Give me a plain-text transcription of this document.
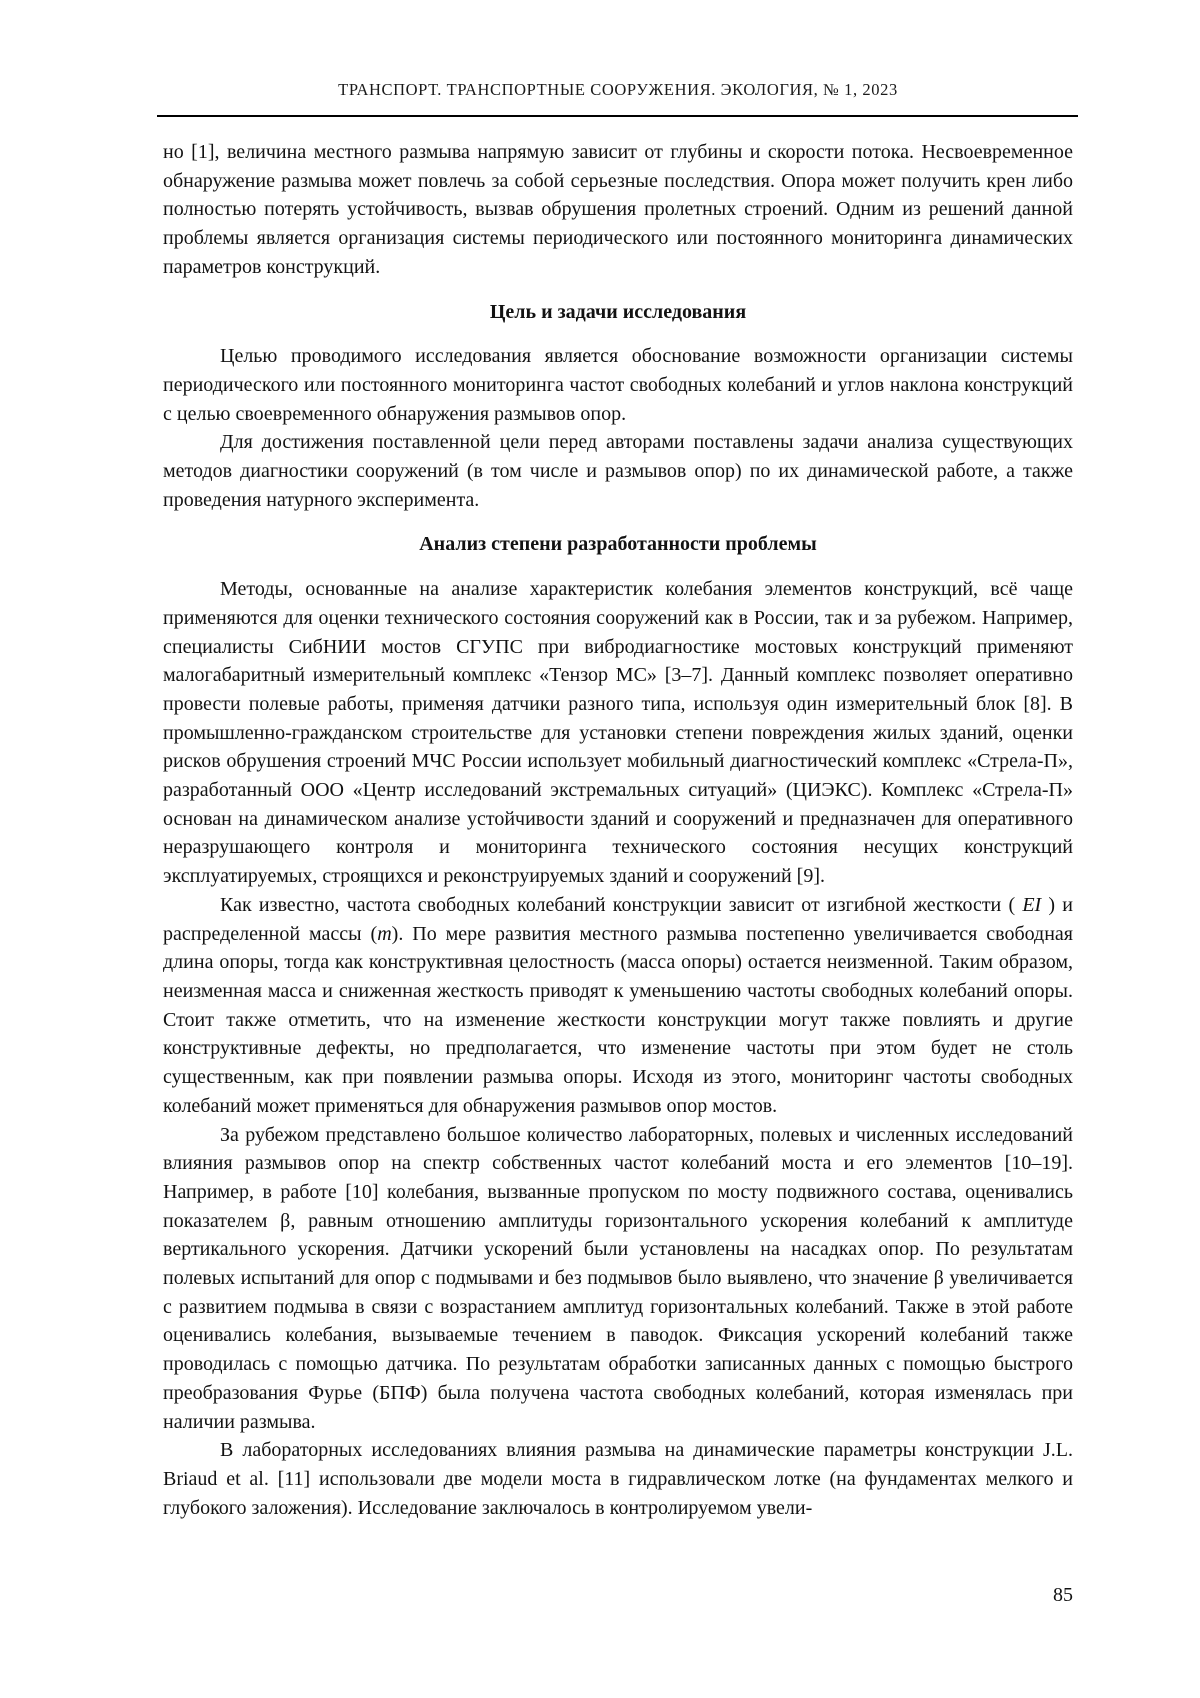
ТРАНСПОРТ. ТРАНСПОРТНЫЕ СООРУЖЕНИЯ. ЭКОЛОГИЯ, № 1, 2023

но [1], величина местного размыва напрямую зависит от глубины и скорости потока. Несвоевременное обнаружение размыва может повлечь за собой серьезные последствия. Опора может получить крен либо полностью потерять устойчивость, вызвав обрушения пролетных строений. Одним из решений данной проблемы является организация системы периодического или постоянного мониторинга динамических параметров конструкций.

Цель и задачи исследования

Целью проводимого исследования является обоснование возможности организации системы периодического или постоянного мониторинга частот свободных колебаний и углов наклона конструкций с целью своевременного обнаружения размывов опор.

Для достижения поставленной цели перед авторами поставлены задачи анализа существующих методов диагностики сооружений (в том числе и размывов опор) по их динамической работе, а также проведения натурного эксперимента.

Анализ степени разработанности проблемы

Методы, основанные на анализе характеристик колебания элементов конструкций, всё чаще применяются для оценки технического состояния сооружений как в России, так и за рубежом. Например, специалисты СибНИИ мостов СГУПС при вибродиагностике мостовых конструкций применяют малогабаритный измерительный комплекс «Тензор МС» [3–7]. Данный комплекс позволяет оперативно провести полевые работы, применяя датчики разного типа, используя один измерительный блок [8]. В промышленно-гражданском строительстве для установки степени повреждения жилых зданий, оценки рисков обрушения строений МЧС России использует мобильный диагностический комплекс «Стрела-П», разработанный ООО «Центр исследований экстремальных ситуаций» (ЦИЭКС). Комплекс «Стрела-П» основан на динамическом анализе устойчивости зданий и сооружений и предназначен для оперативного неразрушающего контроля и мониторинга технического состояния несущих конструкций эксплуатируемых, строящихся и реконструируемых зданий и сооружений [9].

Как известно, частота свободных колебаний конструкции зависит от изгибной жесткости ( EI ) и распределенной массы (m). По мере развития местного размыва постепенно увеличивается свободная длина опоры, тогда как конструктивная целостность (масса опоры) остается неизменной. Таким образом, неизменная масса и сниженная жесткость приводят к уменьшению частоты свободных колебаний опоры. Стоит также отметить, что на изменение жесткости конструкции могут также повлиять и другие конструктивные дефекты, но предполагается, что изменение частоты при этом будет не столь существенным, как при появлении размыва опоры. Исходя из этого, мониторинг частоты свободных колебаний может применяться для обнаружения размывов опор мостов.

За рубежом представлено большое количество лабораторных, полевых и численных исследований влияния размывов опор на спектр собственных частот колебаний моста и его элементов [10–19]. Например, в работе [10] колебания, вызванные пропуском по мосту подвижного состава, оценивались показателем β, равным отношению амплитуды горизонтального ускорения колебаний к амплитуде вертикального ускорения. Датчики ускорений были установлены на насадках опор. По результатам полевых испытаний для опор с подмывами и без подмывов было выявлено, что значение β увеличивается с развитием подмыва в связи с возрастанием амплитуд горизонтальных колебаний. Также в этой работе оценивались колебания, вызываемые течением в паводок. Фиксация ускорений колебаний также проводилась с помощью датчика. По результатам обработки записанных данных с помощью быстрого преобразования Фурье (БПФ) была получена частота свободных колебаний, которая изменялась при наличии размыва.

В лабораторных исследованиях влияния размыва на динамические параметры конструкции J.L. Briaud et al. [11] использовали две модели моста в гидравлическом лотке (на фундаментах мелкого и глубокого заложения). Исследование заключалось в контролируемом увели-

85
